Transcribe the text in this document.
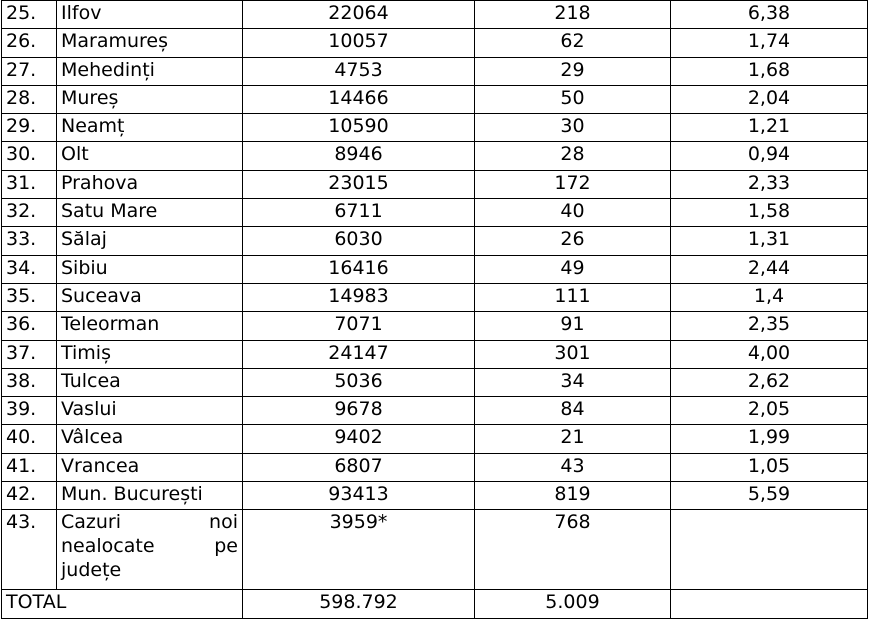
25.	Ilfov	22064	218	6,38
26.	Maramureș	10057	62	1,74
27.	Mehedinți	4753	29	1,68
28.	Mureș	14466	50	2,04
29.	Neamț	10590	30	1,21
30.	Olt	8946	28	0,94
31.	Prahova	23015	172	2,33
32.	Satu Mare	6711	40	1,58
33.	Sălaj	6030	26	1,31
34.	Sibiu	16416	49	2,44
35.	Suceava	14983	111	1,4
36.	Teleorman	7071	91	2,35
37.	Timiș	24147	301	4,00
38.	Tulcea	5036	34	2,62
39.	Vaslui	9678	84	2,05
40.	Vâlcea	9402	21	1,99
41.	Vrancea	6807	43	1,05
42.	Mun. București	93413	819	5,59
43.	Cazuri noi
nealocate pe
județe	3959*	768	
TOTAL		598.792	5.009	
